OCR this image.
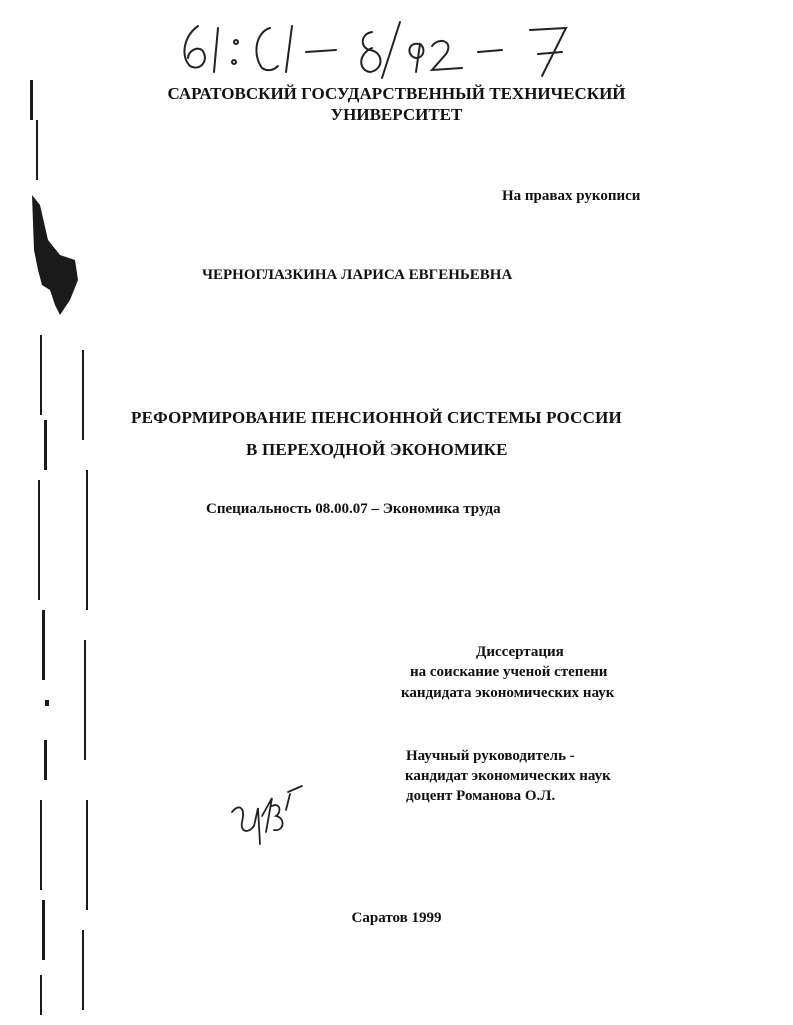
САРАТОВСКИЙ ГОСУДАРСТВЕННЫЙ ТЕХНИЧЕСКИЙ
УНИВЕРСИТЕТ
На правах рукописи
ЧЕРНОГЛАЗКИНА ЛАРИСА ЕВГЕНЬЕВНА
РЕФОРМИРОВАНИЕ ПЕНСИОННОЙ СИСТЕМЫ РОССИИ
В ПЕРЕХОДНОЙ ЭКОНОМИКЕ
Специальность 08.00.07 – Экономика труда
Диссертация
на соискание ученой степени
кандидата экономических наук
Научный руководитель -
кандидат экономических наук
доцент Романова О.Л.
Саратов 1999
